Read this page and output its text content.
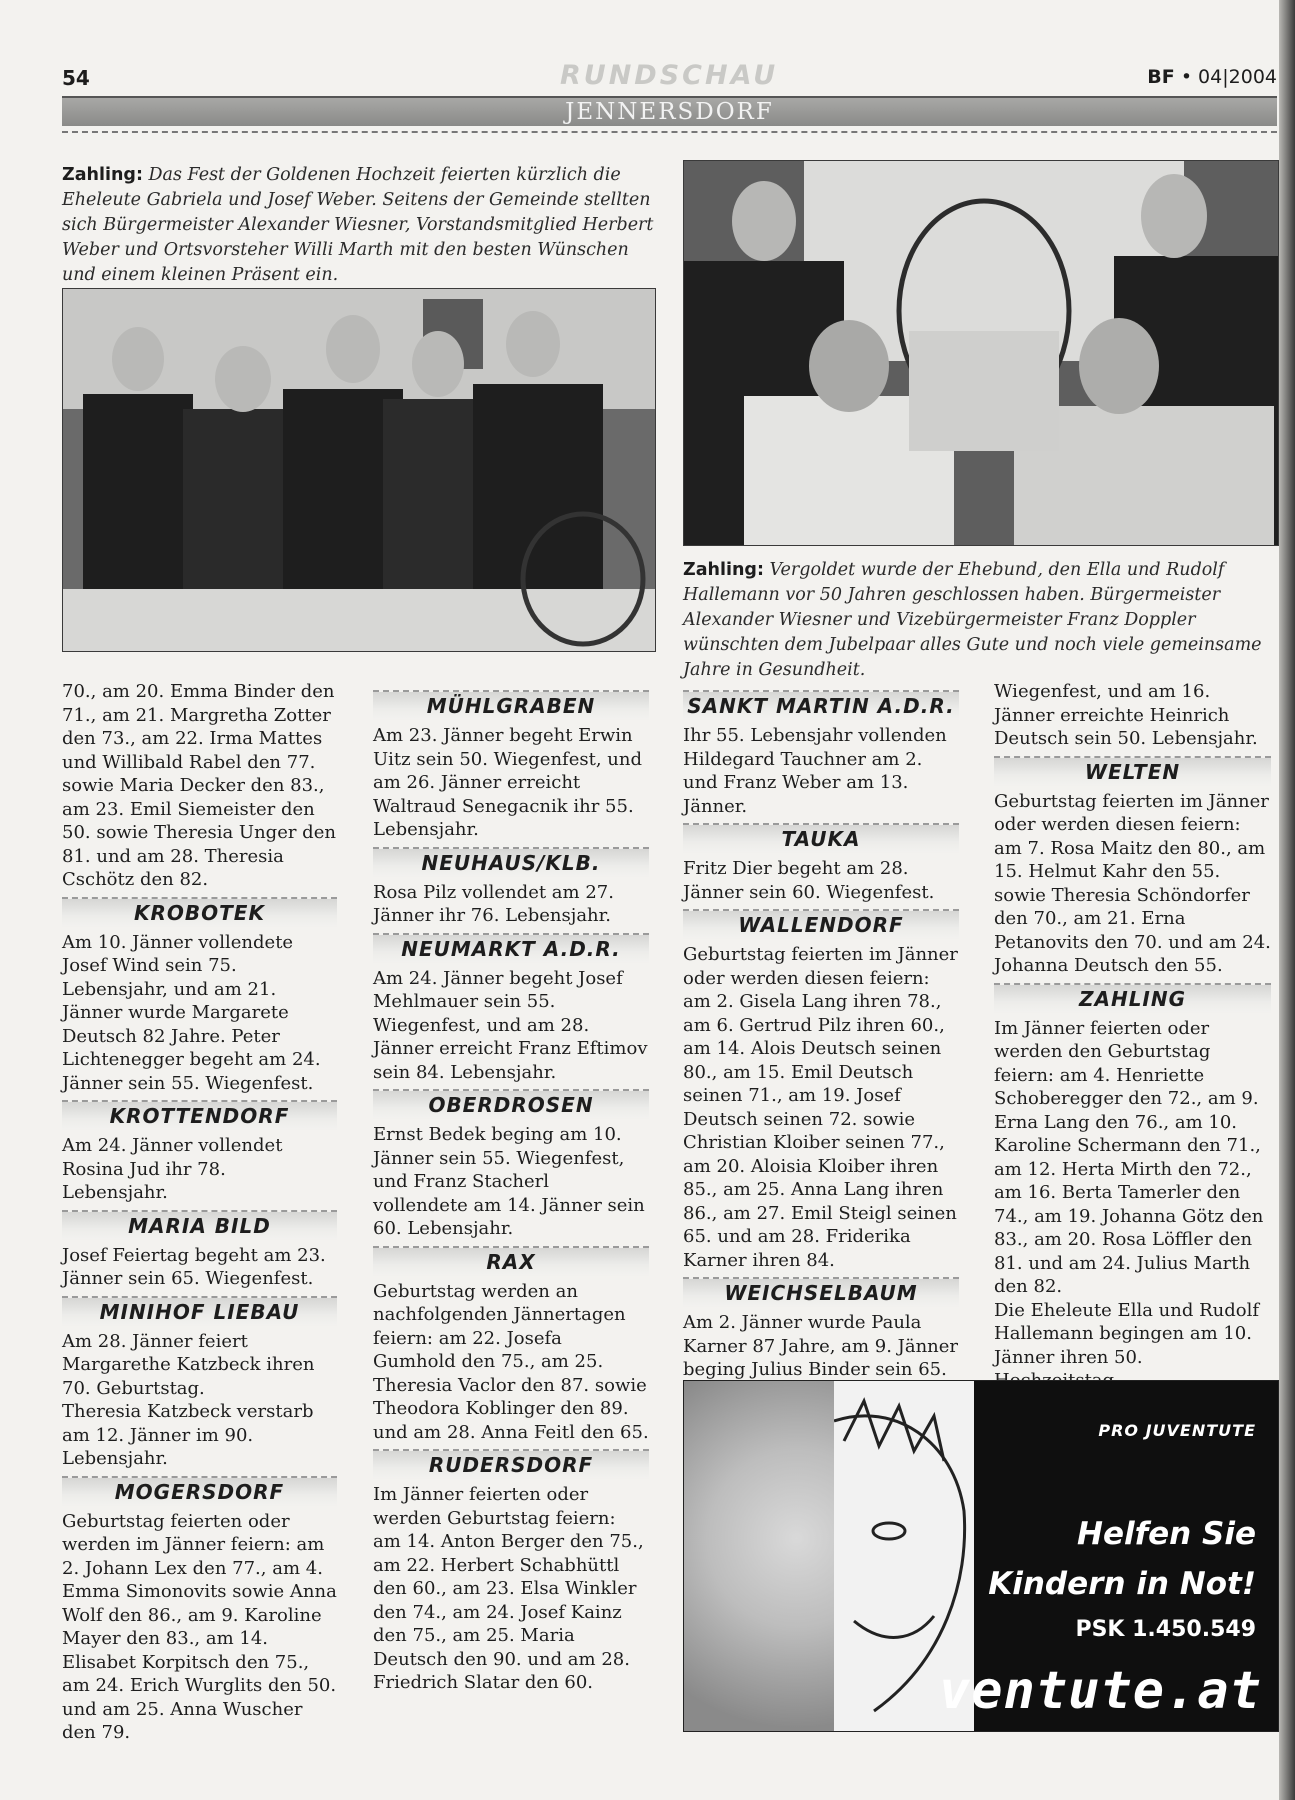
54	RUNDSCHAU	BF • 04|2004
JENNERSDORF
Zahling: Das Fest der Goldenen Hochzeit feierten kürzlich die Eheleute Gabriela und Josef Weber. Seitens der Gemeinde stellten sich Bürgermeister Alexander Wiesner, Vorstandsmitglied Herbert Weber und Ortsvorsteher Willi Marth mit den besten Wünschen und einem kleinen Präsent ein.
Zahling: Vergoldet wurde der Ehebund, den Ella und Rudolf Hallemann vor 50 Jahren geschlossen haben. Bürgermeister Alexander Wiesner und Vizebürgermeister Franz Doppler wünschten dem Jubelpaar alles Gute und noch viele gemeinsame Jahre in Gesundheit.

70., am 20. Emma Binder den 71., am 21. Margretha Zotter den 73., am 22. Irma Mattes und Willibald Rabel den 77. sowie Maria Decker den 83., am 23. Emil Siemeister den 50. sowie Theresia Unger den 81. und am 28. Theresia Cschötz den 82.

KROBOTEK

Am 10. Jänner vollendete Josef Wind sein 75. Lebensjahr, und am 21. Jänner wurde Margarete Deutsch 82 Jahre. Peter Lichtenegger begeht am 24. Jänner sein 55. Wiegenfest.

KROTTENDORF

Am 24. Jänner vollendet Rosina Jud ihr 78. Lebensjahr.

MARIA BILD

Josef Feiertag begeht am 23. Jänner sein 65. Wiegenfest.

MINIHOF LIEBAU

Am 28. Jänner feiert Margarethe Katzbeck ihren 70. Geburtstag.

Theresia Katzbeck verstarb am 12. Jänner im 90. Lebensjahr.

MOGERSDORF

Geburtstag feierten oder werden im Jänner feiern: am 2. Johann Lex den 77., am 4. Emma Simonovits sowie Anna Wolf den 86., am 9. Karoline Mayer den 83., am 14. Elisabet Korpitsch den 75., am 24. Erich Wurglits den 50. und am 25. Anna Wuscher den 79.

MÜHLGRABEN

Am 23. Jänner begeht Erwin Uitz sein 50. Wiegenfest, und am 26. Jänner erreicht Waltraud Senegacnik ihr 55. Lebensjahr.

NEUHAUS/KLB.

Rosa Pilz vollendet am 27. Jänner ihr 76. Lebensjahr.

NEUMARKT A.D.R.

Am 24. Jänner begeht Josef Mehlmauer sein 55. Wiegenfest, und am 28. Jänner erreicht Franz Eftimov sein 84. Lebensjahr.

OBERDROSEN

Ernst Bedek beging am 10. Jänner sein 55. Wiegenfest, und Franz Stacherl vollendete am 14. Jänner sein 60. Lebensjahr.

RAX

Geburtstag werden an nachfolgenden Jännertagen feiern: am 22. Josefa Gumhold den 75., am 25. Theresia Vaclor den 87. sowie Theodora Koblinger den 89. und am 28. Anna Feitl den 65.

RUDERSDORF

Im Jänner feierten oder werden Geburtstag feiern: am 14. Anton Berger den 75., am 22. Herbert Schabhüttl den 60., am 23. Elsa Winkler den 74., am 24. Josef Kainz den 75., am 25. Maria Deutsch den 90. und am 28. Friedrich Slatar den 60.

SANKT MARTIN A.D.R.

Ihr 55. Lebensjahr vollenden Hildegard Tauchner am 2. und Franz Weber am 13. Jänner.

TAUKA

Fritz Dier begeht am 28. Jänner sein 60. Wiegenfest.

WALLENDORF

Geburtstag feierten im Jänner oder werden diesen feiern: am 2. Gisela Lang ihren 78., am 6. Gertrud Pilz ihren 60., am 14. Alois Deutsch seinen 80., am 15. Emil Deutsch seinen 71., am 19. Josef Deutsch seinen 72. sowie Christian Kloiber seinen 77., am 20. Aloisia Kloiber ihren 85., am 25. Anna Lang ihren 86., am 27. Emil Steigl seinen 65. und am 28. Friderika Karner ihren 84.

WEICHSELBAUM

Am 2. Jänner wurde Paula Karner 87 Jahre, am 9. Jänner beging Julius Binder sein 65.

Wiegenfest, und am 16. Jänner erreichte Heinrich Deutsch sein 50. Lebensjahr.

WELTEN

Geburtstag feierten im Jänner oder werden diesen feiern: am 7. Rosa Maitz den 80., am 15. Helmut Kahr den 55. sowie Theresia Schöndorfer den 70., am 21. Erna Petanovits den 70. und am 24. Johanna Deutsch den 55.

ZAHLING

Im Jänner feierten oder werden den Geburtstag feiern: am 4. Henriette Schoberegger den 72., am 9. Erna Lang den 76., am 10. Karoline Schermann den 71., am 12. Herta Mirth den 72., am 16. Berta Tamerler den 74., am 19. Johanna Götz den 83., am 20. Rosa Löffler den 81. und am 24. Julius Marth den 82.

Die Eheleute Ella und Rudolf Hallemann begingen am 10. Jänner ihren 50.

PRO JUVENTUTE
Helfen Sie
Kindern in Not!
PSK 1.450.549
ventute.at
